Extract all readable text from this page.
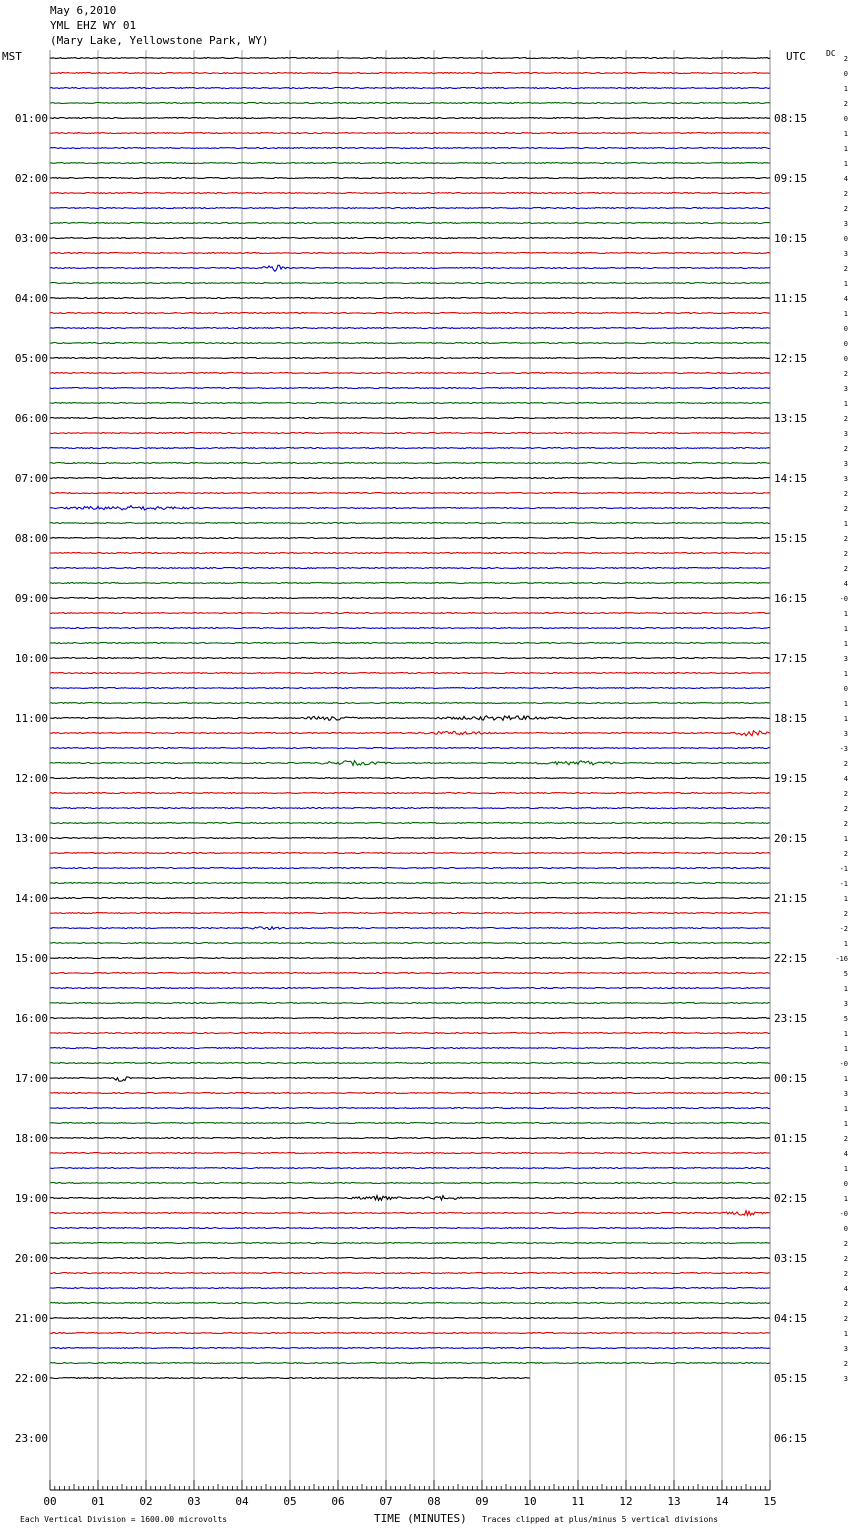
May 6,2010
YML EHZ WY 01
(Mary Lake, Yellowstone Park, WY)
MST	UTC	DC
2
0
1
2
0
1
1
1
4
2
2
3
0
3
2
1
4
1
0
0
0
2
3
1
2
3
2
3
3
2
2
1
2
2
2
4
-0
1
1
1
3
1
0
1
1
3
-3
2
4
2
2
2
1
2
-1
-1
1
2
-2
1
-16
5
1
3
5
1
1
-0
1
3
1
1
2
4
1
0
1
-0
0
2
2
2
4
2
2
1
3
2
3
01:00
02:00
03:00
04:00
05:00
06:00
07:00
08:00
09:00
10:00
11:00
12:00
13:00
14:00
15:00
16:00
17:00
18:00
19:00
20:00
21:00
22:00
23:00
08:15
09:15
10:15
11:15
12:15
13:15
14:15
15:15
16:15
17:15
18:15
19:15
20:15
21:15
22:15
23:15
00:15
01:15
02:15
03:15
04:15
05:15
06:15
00	01	02	03	04	05	06	07	08	09	10	11	12	13	14	15
Each Vertical Division = 1600.00 microvolts	TIME (MINUTES) Traces clipped at plus/minus 5 vertical divisions
